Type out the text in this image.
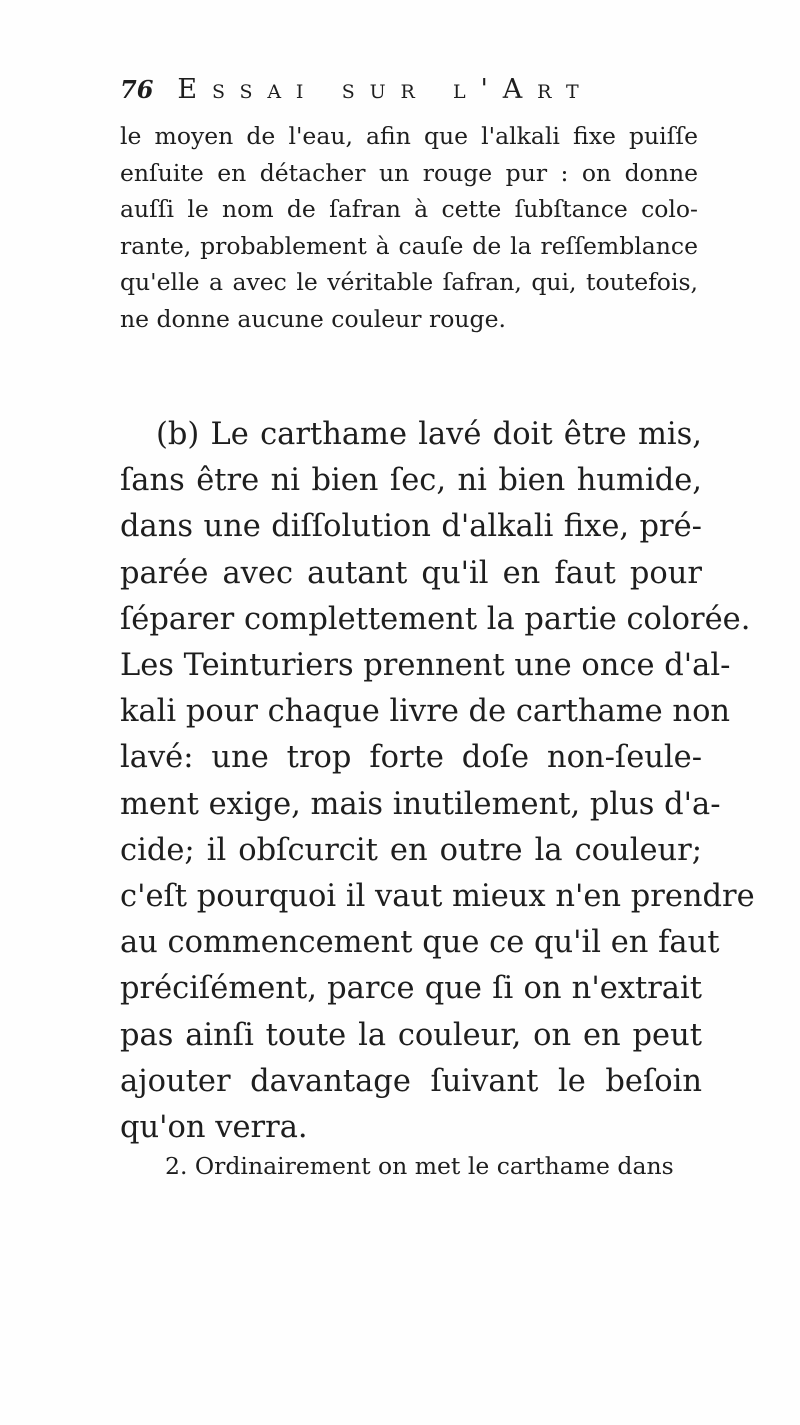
76 Essai sur l'Art
le moyen de l'eau, afin que l'alkali fixe puiſſe
enſuite en détacher un rouge pur : on donne
auſſi le nom de ſafran à cette ſubſtance colo-
rante, probablement à cauſe de la reſſemblance
qu'elle a avec le véritable ſafran, qui, toutefois,
ne donne aucune couleur rouge.
(b) Le carthame lavé doit être mis,
ſans être ni bien ſec, ni bien humide,
dans une diſſolution d'alkali fixe, pré-
parée avec autant qu'il en faut pour
ſéparer complettement la partie colorée.
Les Teinturiers prennent une once d'al-
kali pour chaque livre de carthame non
lavé: une trop forte doſe non-ſeule-
ment exige, mais inutilement, plus d'a-
cide; il obſcurcit en outre la couleur;
c'eſt pourquoi il vaut mieux n'en prendre
au commencement que ce qu'il en faut
préciſément, parce que ſi on n'extrait
pas ainſi toute la couleur, on en peut
ajouter davantage ſuivant le beſoin
qu'on verra.
2. Ordinairement on met le carthame dans
